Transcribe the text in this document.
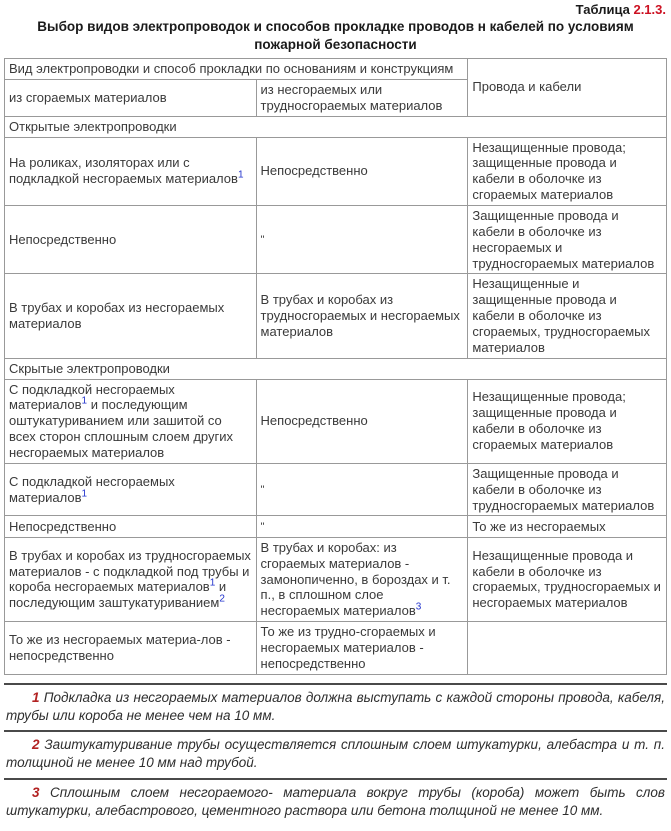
Таблица 2.1.3.
Выбор видов электропроводок и способов прокладке проводов н кабелей по условиям пожарной безопасности
Вид электропроводки и способ прокладки по основаниям и конструкциям		Провода и кабели
из сгораемых материалов	из несгораемых или трудносгораемых материалов	
Открытые электропроводки		
На роликах, изоляторах или с подкладкой несгораемых материалов$^1$	Непосредственно	Незащищенные провода; защищенные провода и кабели в оболочке из сгораемых материалов
Непосредственно	"	Защищенные провода и кабели в оболочке из несгораемых и трудносгораемых материалов
В трубах и коробах из несгораемых материалов	В трубах и коробах из трудносгораемых и несгораемых материалов	Незащищенные и защищенные провода и кабели в оболочке из сгораемых, трудносгораемых материалов
Скрытые электропроводки		
С подкладкой несгораемых материалов$^1$ и последующим оштукатуриванием или зашитой со всех сторон сплошным слоем других несгораемых материалов	Непосредственно	Незащищенные провода; защищенные провода и кабели в оболочке из сгораемых материалов
С подкладкой несгораемых материалов$^1$	"	Защищенные провода и кабели в оболочке из трудносгораемых материалов
Непосредственно	"	То же из несгораемых
В трубах и коробах из трудносгораемых материалов - с подкладкой под трубы и короба несгораемых материалов$^1$ и последующим заштукатуриванием$^2$	В трубах и коробах: из сгораемых материалов - замонопиченно, в бороздах и т. п., в сплошном слое несгораемых материалов$^3$	Незащищенные провода и кабели в оболочке из сгораемых, трудносгораемых и несгораемых материалов
То же из несгораемых материа-лов - непосредственно	То же из трудно-сгораемых и несгораемых материалов - непосредственно	
1 Подкладка из несгораемых материалов должна выступать с каждой стороны провода, кабеля, трубы или короба не менее чем на 10 мм.
2 Заштукатуривание трубы осуществляется сплошным слоем штукатурки, алебастра и т. п. толщиной не менее 10 мм над трубой.
3 Сплошным слоем несгораемого- материала вокруг трубы (короба) может быть слов штукатурки, алебастрового, цементного раствора или бетона толщиной не менее 10 мм.
